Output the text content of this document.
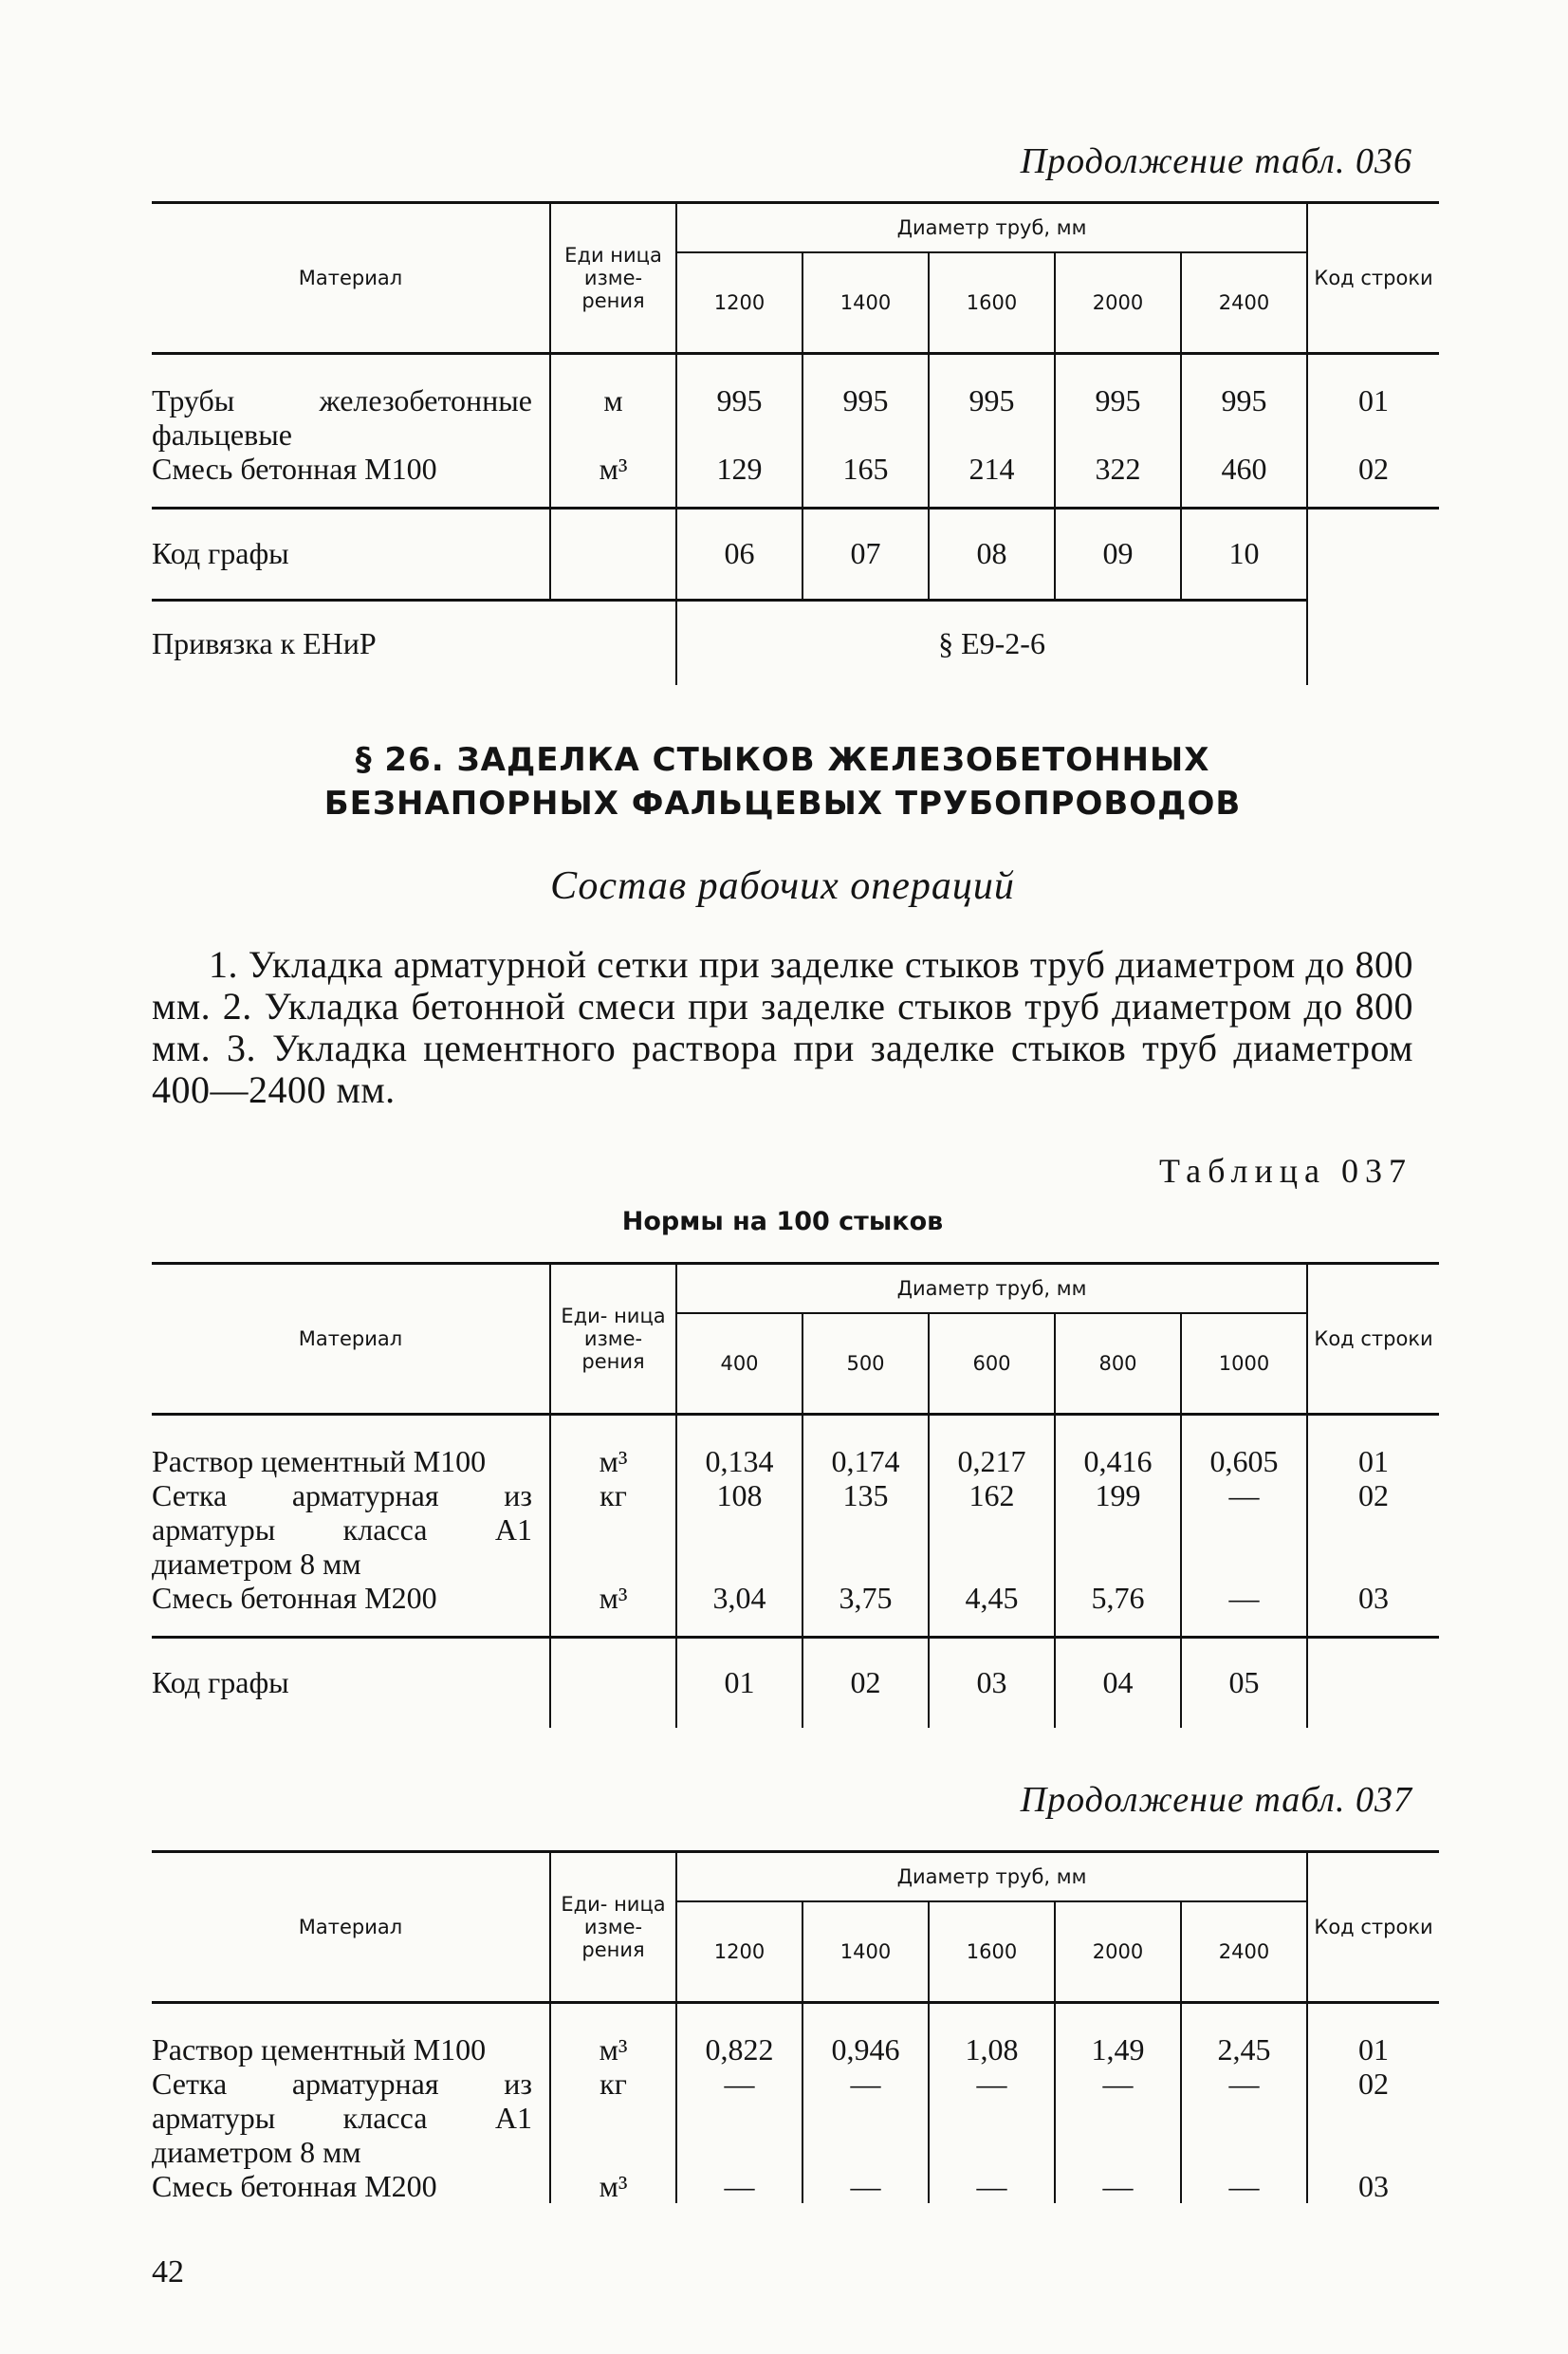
Продолжение табл. 036
Материал	Еди ница изме- рения	Диаметр труб, мм					Код строки
		1200	1400	1600	2000	2400	
Трубы железобетонные фальцевые	м	995	995	995	995	995	01
Смесь бетонная М100	м³	129	165	214	322	460	02
Код графы		06	07	08	09	10	
Привязка к ЕНиР		§ Е9-2-6					
§ 26. ЗАДЕЛКА СТЫКОВ ЖЕЛЕЗОБЕТОННЫХ
БЕЗНАПОРНЫХ ФАЛЬЦЕВЫХ ТРУБОПРОВОДОВ
Состав рабочих операций
1. Укладка арматурной сетки при заделке стыков труб диаметром до 800 мм. 2. Укладка бетонной смеси при заделке стыков труб диаметром до 800 мм. 3. Укладка цементного раствора при заделке стыков труб диаметром 400—2400 мм.
Таблица 037
Нормы на 100 стыков
Материал	Еди- ница изме- рения	Диаметр труб, мм					Код строки
		400	500	600	800	1000	
Раствор цементный М100	м³	0,134	0,174	0,217	0,416	0,605	01
Сетка арматурная из арматуры класса А1 диаметром 8 мм	кг	108	135	162	199	—	02
Смесь бетонная М200	м³	3,04	3,75	4,45	5,76	—	03
Код графы		01	02	03	04	05	
Продолжение табл. 037
Материал	Еди- ница изме- рения	Диаметр труб, мм					Код строки
		1200	1400	1600	2000	2400	
Раствор цементный М100	м³	0,822	0,946	1,08	1,49	2,45	01
Сетка арматурная из арматуры класса А1 диаметром 8 мм	кг	—	—	—	—	—	02
Смесь бетонная М200	м³	—	—	—	—	—	03
42
